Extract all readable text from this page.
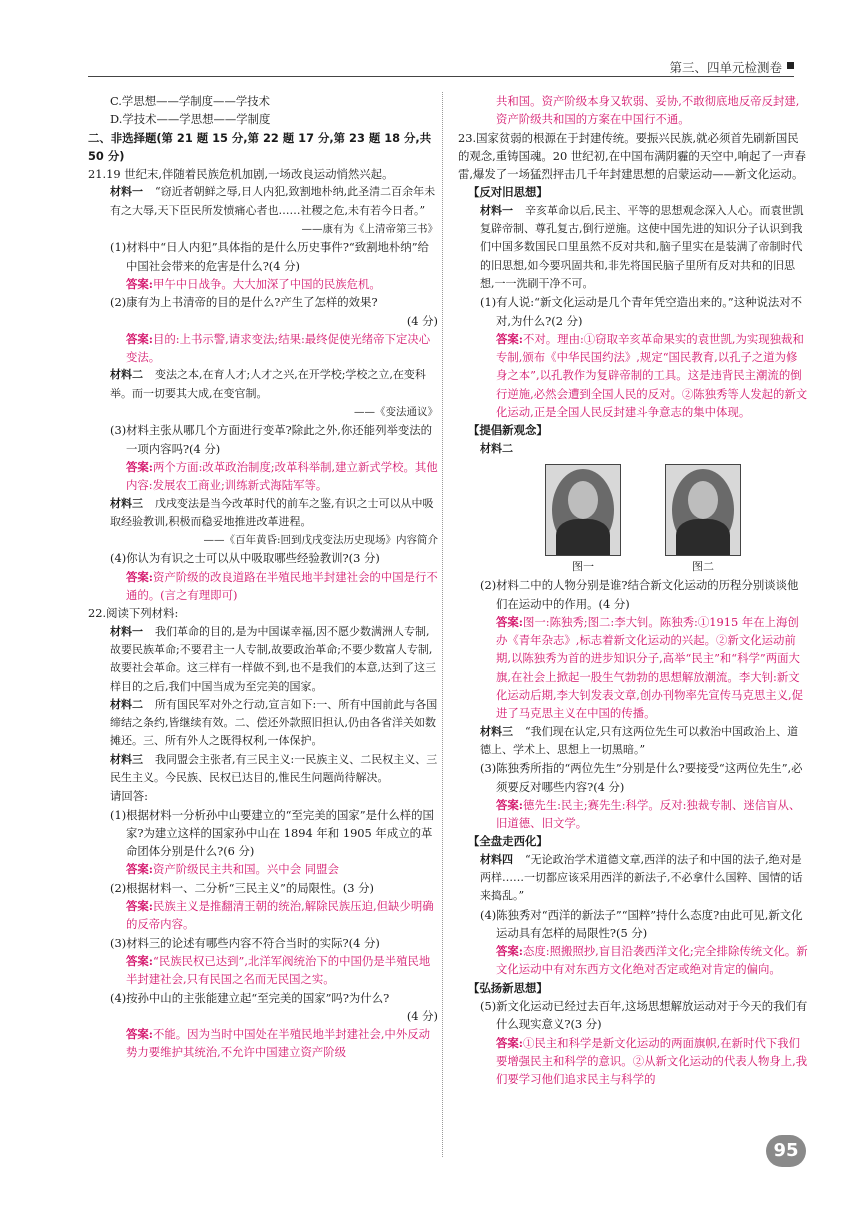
第三、四单元检测卷

C.学思想——学制度——学技术

D.学技术——学思想——学制度

二、非选择题(第 21 题 15 分,第 22 题 17 分,第 23 题 18 分,共 50 分)

21.19 世纪末,伴随着民族危机加剧,一场改良运动悄然兴起。

材料一 “窃近者朝鲜之辱,日人内犯,致割地朴纳,此圣清二百余年未有之大辱,天下臣民所发愤痛心者也……社稷之危,未有若今日者。”

——康有为《上清帝第三书》

(1)材料中“日人内犯”具体指的是什么历史事件?“致割地朴纳”给中国社会带来的危害是什么?(4 分)

答案:甲午中日战争。大大加深了中国的民族危机。

(2)康有为上书清帝的目的是什么?产生了怎样的效果?

(4 分)

答案:目的:上书示警,请求变法;结果:最终促使光绪帝下定决心变法。

材料二 变法之本,在育人才;人才之兴,在开学校;学校之立,在变科举。而一切要其大成,在变官制。

——《变法通议》

(3)材料主张从哪几个方面进行变革?除此之外,你还能列举变法的一项内容吗?(4 分)

答案:两个方面:改革政治制度;改革科举制,建立新式学校。其他内容:发展农工商业;训练新式海陆军等。

材料三 戊戌变法是当今改革时代的前车之鉴,有识之士可以从中吸取经验教训,积极而稳妥地推进改革进程。

——《百年黄昏:回到戊戌变法历史现场》内容简介

(4)你认为有识之士可以从中吸取哪些经验教训?(3 分)

答案:资产阶级的改良道路在半殖民地半封建社会的中国是行不通的。(言之有理即可)

22.阅读下列材料:

材料一 我们革命的目的,是为中国谋幸福,因不愿少数满洲人专制,故要民族革命;不要君主一人专制,故要政治革命;不要少数富人专制,故要社会革命。这三样有一样做不到,也不是我们的本意,达到了这三样目的之后,我们中国当成为至完美的国家。

材料二 所有国民军对外之行动,宣言如下:一、所有中国前此与各国缔结之条约,皆继续有效。二、偿还外款照旧担认,仍由各省洋关如数摊还。三、所有外人之既得权利,一体保护。

材料三 我同盟会主张者,有三民主义:一民族主义、二民权主义、三民生主义。今民族、民权已达目的,惟民生问题尚待解决。

请回答:

(1)根据材料一分析孙中山要建立的“至完美的国家”是什么样的国家?为建立这样的国家孙中山在 1894 年和 1905 年成立的革命团体分别是什么?(6 分)

答案:资产阶级民主共和国。兴中会 同盟会

(2)根据材料一、二分析“三民主义”的局限性。(3 分)

答案:民族主义是推翻清王朝的统治,解除民族压迫,但缺少明确的反帝内容。

(3)材料三的论述有哪些内容不符合当时的实际?(4 分)

答案:“民族民权已达到”,北洋军阀统治下的中国仍是半殖民地半封建社会,只有民国之名而无民国之实。

(4)按孙中山的主张能建立起“至完美的国家”吗?为什么?

(4 分)

答案:不能。因为当时中国处在半殖民地半封建社会,中外反动势力要维护其统治,不允许中国建立资产阶级

共和国。资产阶级本身又软弱、妥协,不敢彻底地反帝反封建,资产阶级共和国的方案在中国行不通。

23.国家贫弱的根源在于封建传统。要振兴民族,就必须首先刷新国民的观念,重铸国魂。20 世纪初,在中国布满阴霾的天空中,响起了一声春雷,爆发了一场猛烈抨击几千年封建思想的启蒙运动——新文化运动。

【反对旧思想】

材料一 辛亥革命以后,民主、平等的思想观念深入人心。而袁世凯复辟帝制、尊孔复古,倒行逆施。这使中国先进的知识分子认识到我们中国多数国民口里虽然不反对共和,脑子里实在是装满了帝制时代的旧思想,如今要巩固共和,非先将国民脑子里所有反对共和的旧思想,一一洗刷干净不可。

(1)有人说:“新文化运动是几个青年凭空造出来的。”这种说法对不对,为什么?(2 分)

答案:不对。理由:①窃取辛亥革命果实的袁世凯,为实现独裁和专制,颁布《中华民国约法》,规定“国民教育,以孔子之道为修身之本”,以孔教作为复辟帝制的工具。这是违背民主潮流的倒行逆施,必然会遭到全国人民的反对。②陈独秀等人发起的新文化运动,正是全国人民反封建斗争意志的集中体现。

【提倡新观念】

材料二

图一	图二

(2)材料二中的人物分别是谁?结合新文化运动的历程分别谈谈他们在运动中的作用。(4 分)

答案:图一:陈独秀;图二:李大钊。陈独秀:①1915 年在上海创办《青年杂志》,标志着新文化运动的兴起。②新文化运动前期,以陈独秀为首的进步知识分子,高举“民主”和“科学”两面大旗,在社会上掀起一股生气勃勃的思想解放潮流。李大钊:新文化运动后期,李大钊发表文章,创办刊物率先宣传马克思主义,促进了马克思主义在中国的传播。

材料三 “我们现在认定,只有这两位先生可以救治中国政治上、道德上、学术上、思想上一切黑暗。”

(3)陈独秀所指的“两位先生”分别是什么?要接受“这两位先生”,必须要反对哪些内容?(4 分)

答案:德先生:民主;赛先生:科学。反对:独裁专制、迷信盲从、旧道德、旧文学。

【全盘走西化】

材料四 “无论政治学术道德文章,西洋的法子和中国的法子,绝对是两样……一切都应该采用西洋的新法子,不必拿什么国粹、国情的话来捣乱。”

(4)陈独秀对“西洋的新法子”“国粹”持什么态度?由此可见,新文化运动具有怎样的局限性?(5 分)

答案:态度:照搬照抄,盲目沿袭西洋文化;完全排除传统文化。新文化运动中有对东西方文化绝对否定或绝对肯定的偏向。

【弘扬新思想】

(5)新文化运动已经过去百年,这场思想解放运动对于今天的我们有什么现实意义?(3 分)

答案:①民主和科学是新文化运动的两面旗帜,在新时代下我们要增强民主和科学的意识。②从新文化运动的代表人物身上,我们要学习他们追求民主与科学的

95
